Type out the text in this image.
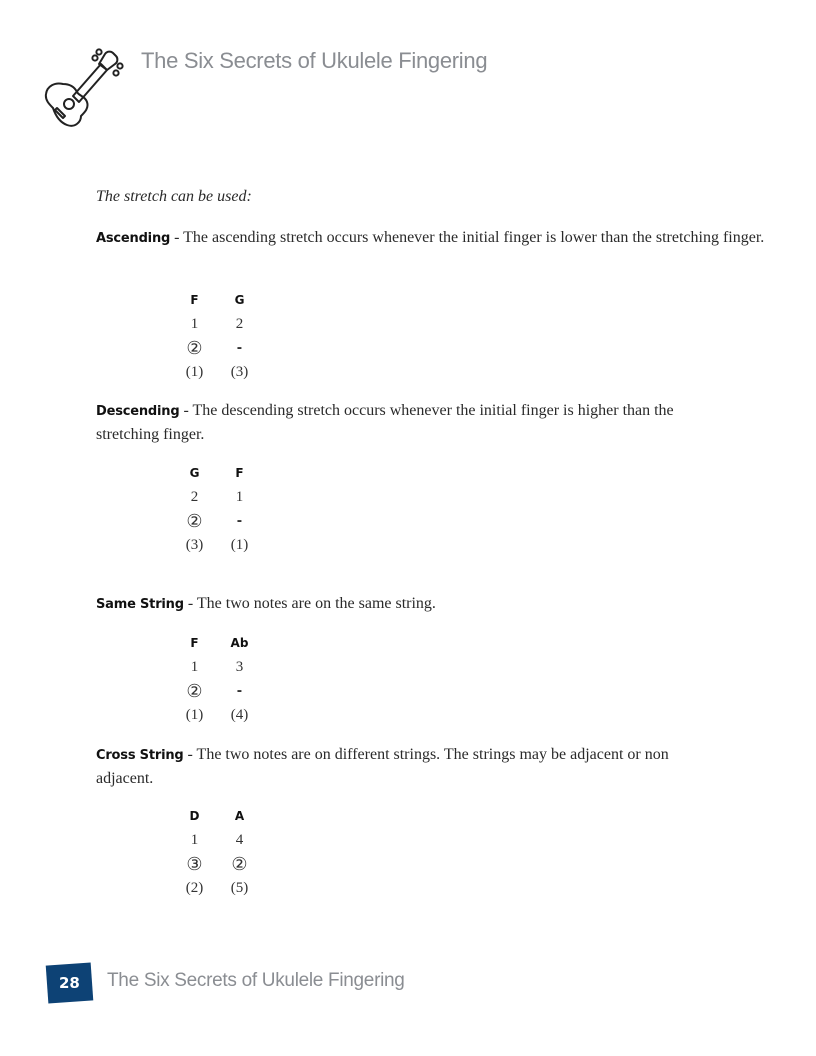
The Six Secrets of Ukulele Fingering
The stretch can be used:
Ascending - The ascending stretch occurs whenever the initial finger is lower than the stretching finger.
F	G
1	2
②	-
(1)	(3)
Descending - The descending stretch occurs whenever the initial finger is higher than the stretching finger.
G	F
2	1
②	-
(3)	(1)
Same String - The two notes are on the same string.
F	Ab
1	3
②	-
(1)	(4)
Cross String - The two notes are on different strings. The strings may be adjacent or non adjacent.
D	A
1	4
③	②
(2)	(5)
28 The Six Secrets of Ukulele Fingering
